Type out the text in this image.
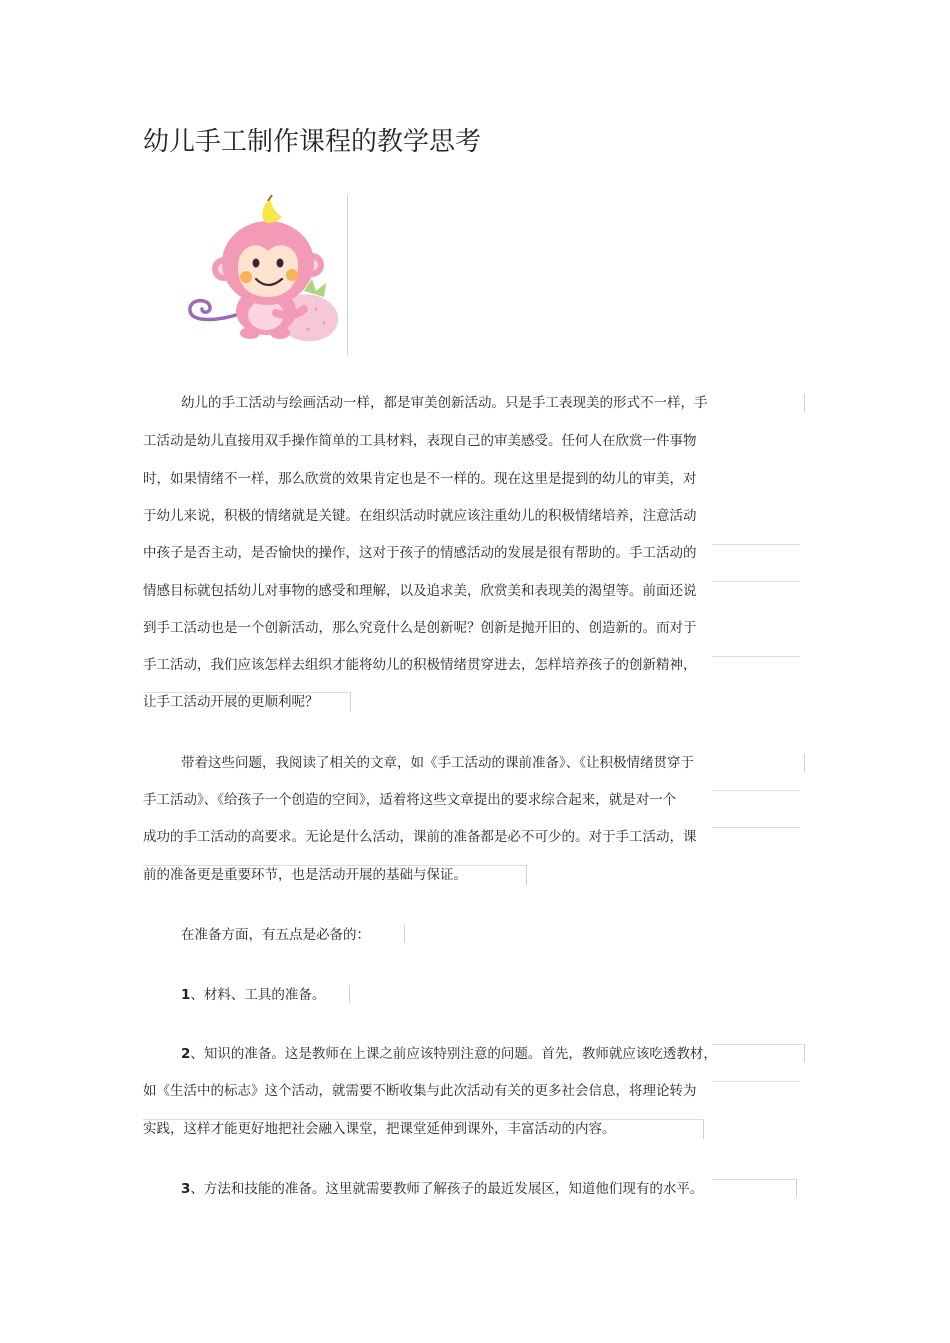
幼儿手工制作课程的教学思考
幼儿的手工活动与绘画活动一样，都是审美创新活动。只是手工表现美的形式不一样，手
工活动是幼儿直接用双手操作简单的工具材料，表现自己的审美感受。任何人在欣赏一件事物
时，如果情绪不一样，那么欣赏的效果肯定也是不一样的。现在这里是提到的幼儿的审美，对
于幼儿来说，积极的情绪就是关键。在组织活动时就应该注重幼儿的积极情绪培养，注意活动
中孩子是否主动，是否愉快的操作，这对于孩子的情感活动的发展是很有帮助的。手工活动的
情感目标就包括幼儿对事物的感受和理解，以及追求美，欣赏美和表现美的渴望等。前面还说
到手工活动也是一个创新活动，那么究竟什么是创新呢？创新是抛开旧的、创造新的。而对于
手工活动，我们应该怎样去组织才能将幼儿的积极情绪贯穿进去，怎样培养孩子的创新精神，
让手工活动开展的更顺利呢？
带着这些问题，我阅读了相关的文章，如《手工活动的课前准备》、《让积极情绪贯穿于
手工活动》、《给孩子一个创造的空间》，适着将这些文章提出的要求综合起来，就是对一个
成功的手工活动的高要求。无论是什么活动，课前的准备都是必不可少的。对于手工活动，课
前的准备更是重要环节，也是活动开展的基础与保证。
在准备方面，有五点是必备的：
1、材料、工具的准备。
2、知识的准备。这是教师在上课之前应该特别注意的问题。首先，教师就应该吃透教材，
如《生活中的标志》这个活动，就需要不断收集与此次活动有关的更多社会信息，将理论转为
实践，这样才能更好地把社会融入课堂，把课堂延伸到课外，丰富活动的内容。
3、方法和技能的准备。这里就需要教师了解孩子的最近发展区，知道他们现有的水平。
